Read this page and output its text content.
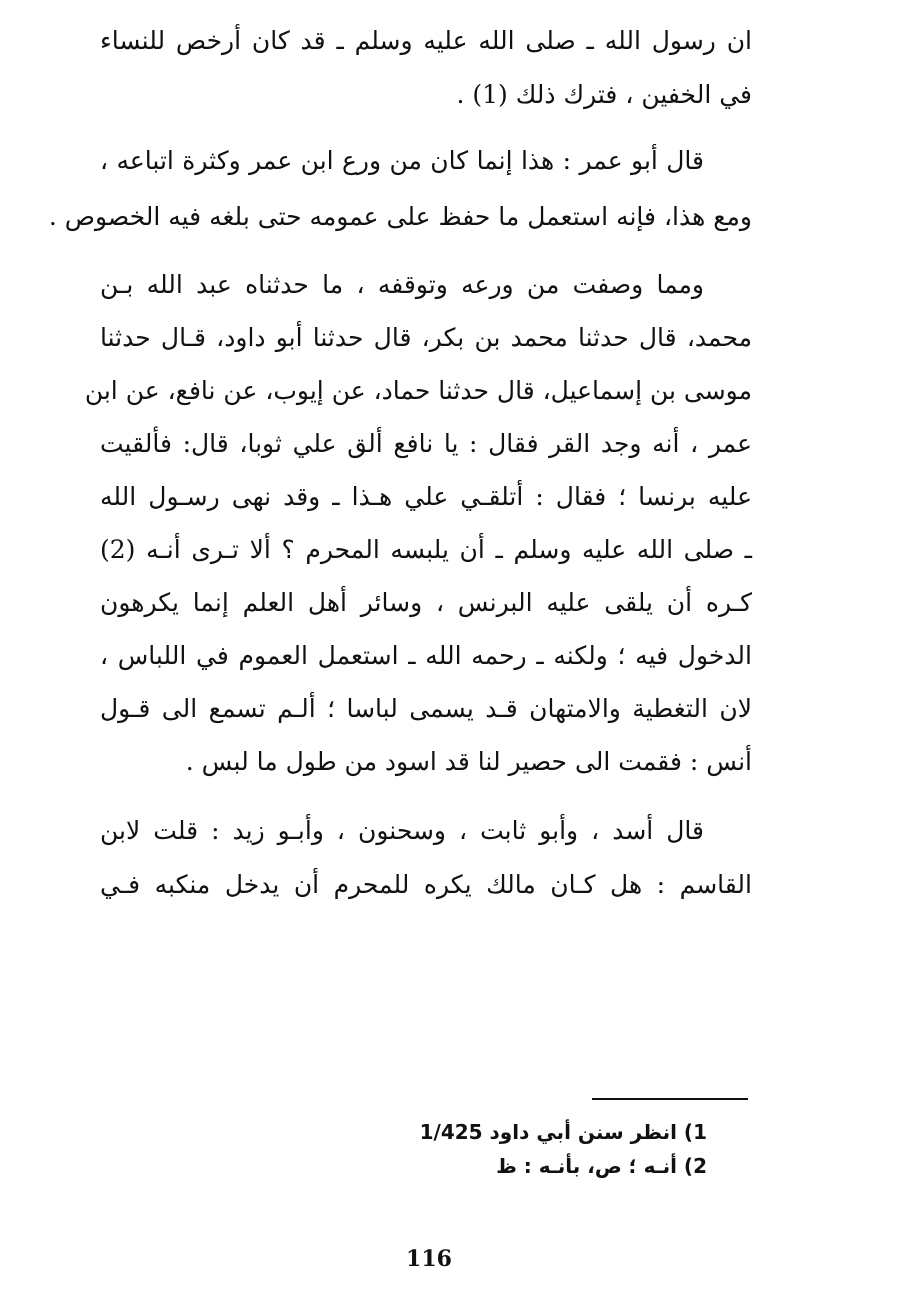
ان رسول الله ـ صلى الله عليه وسلم ـ قد كان أرخص للنساء
في الخفين ، فترك ذلك (1) .
قال أبو عمر : هذا إنما كان من ورع ابن عمر وكثرة اتباعه ،
ومع هذا، فإنه استعمل ما حفظ على عمومه حتى بلغه فيه الخصوص .
ومما وصفت من ورعه وتوقفه ، ما حدثناه عبد الله بـن
محمد، قال حدثنا محمد بن بكر، قال حدثنا أبو داود، قـال حدثنا
موسى بن إسماعيل، قال حدثنا حماد، عن إيوب، عن نافع، عن ابن
عمر ، أنه وجد القر فقال : يا نافع ألق علي ثوبا، قال: فألقيت
عليه برنسا ؛ فقال : أتلقـي علي هـذا ـ وقد نهى رسـول الله
ـ صلى الله عليه وسلم ـ أن يلبسه المحرم ؟ ألا تـرى أنـه (2)
كـره أن يلقى عليه البرنس ، وسائر أهل العلم إنما يكرهون
الدخول فيه ؛ ولكنه ـ رحمه الله ـ استعمل العموم في اللباس ،
لان التغطية والامتهان قـد يسمى لباسا ؛ ألـم تسمع الى قـول
أنس : فقمت الى حصير لنا قد اسود من طول ما لبس .
قال أسد ، وأبو ثابت ، وسحنون ، وأبـو زيد : قلت لابن
القاسم : هل كـان مالك يكره للمحرم أن يدخل منكبه فـي
1) انظر سنن أبي داود 1/425
2) أنـه ؛ ص، بأنـه : ظ
116
